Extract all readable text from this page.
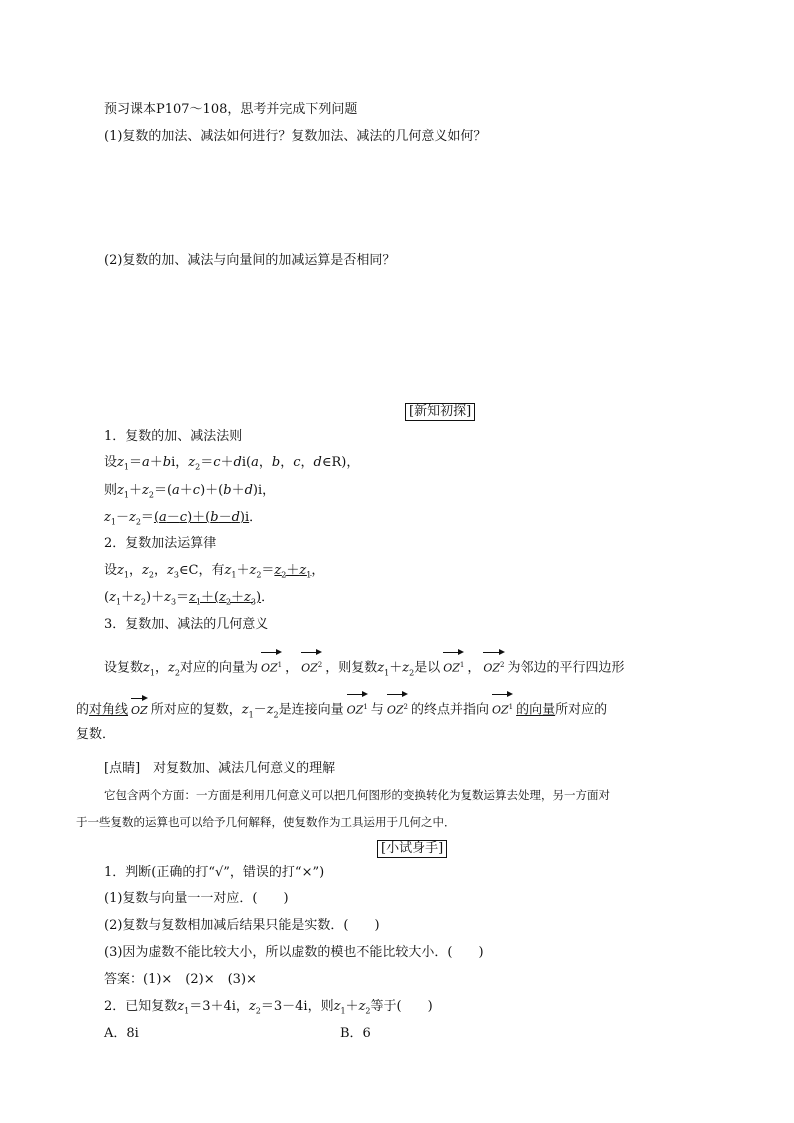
预习课本P107～108，思考并完成下列问题
(1)复数的加法、减法如何进行？复数加法、减法的几何意义如何？
(2)复数的加、减法与向量间的加减运算是否相同？
[新知初探]
1．复数的加、减法法则
设$z_1=a+bi$，$z_2=c+di(a$，b，c，d∈R)，
则$z_1+z_2=(a+c)+(b+d)i$，
$z_1-z_2=(a-c)+(b-d)i$．
2．复数加法运算律
设$z_1$，$z_2$，$z_3\in C$，有$z_1+z_2=z_2+z_1$，
$(z_1+z_2)+z_3=z_1+(z_2+z_3)$．
3．复数加、减法的几何意义
设复数$z_1$，$z_2$对应的向量为 $OZ^1$ ， $OZ^2$ ，则复数$z_1+z_2$是以 $OZ^1$ ， $OZ^2$ 为邻边的平行四边形
的对角线 OZ 所对应的复数，$z_1-z_2$是连接向量 $OZ^1$ 与 $OZ^2$ 的终点并指向 $OZ^1$ 的向量所对应的
复数．
[点睛]　 对复数加、减法几何意义的理解
它包含两个方面：一方面是利用几何意义可以把几何图形的变换转化为复数运算去处理，另一方面对
于一些复数的运算也可以给予几何解释，使复数作为工具运用于几何之中．
[小试身手]
1．判断(正确的打“√”，错误的打“×”)
(1)复数与向量一一对应．(　　)
(2)复数与复数相加减后结果只能是实数．(　　)
(3)因为虚数不能比较大小，所以虚数的模也不能比较大小．(　　)
答案：(1)×　(2)×　(3)×
2．已知复数$z_1=3+4i$，$z_2=3-4i$，则$z_1+z_2$等于(　　)
A．8i	B．6
